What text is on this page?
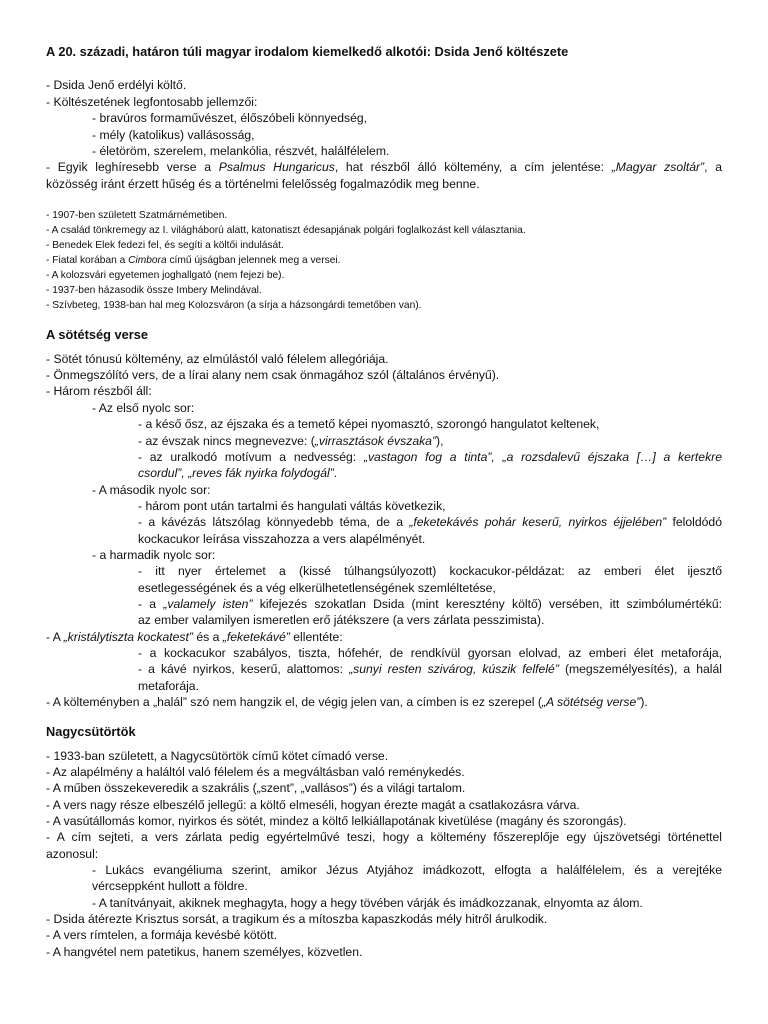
A 20. századi, határon túli magyar irodalom kiemelkedő alkotói: Dsida Jenő költészete
- Dsida Jenő erdélyi költő.
- Költészetének legfontosabb jellemzői:
- bravúros formaművészet, élőszóbeli könnyedség,
- mély (katolikus) vallásosság,
- életöröm, szerelem, melankólia, részvét, halálfélelem.
- Egyik leghíresebb verse a Psalmus Hungaricus, hat részből álló költemény, a cím jelentése: „Magyar zsoltár”, a
közösség iránt érzett hűség és a történelmi felelősség fogalmazódik meg benne.
- 1907-ben született Szatmárnémetiben.
- A család tönkremegy az I. világháború alatt, katonatiszt édesapjának polgári foglalkozást kell választania.
- Benedek Elek fedezi fel, és segíti a költői indulását.
- Fiatal korában a Cimbora című újságban jelennek meg a versei.
- A kolozsvári egyetemen joghallgató (nem fejezi be).
- 1937-ben házasodik össze Imbery Melindával.
- Szívbeteg, 1938-ban hal meg Kolozsváron (a sírja a házsongárdi temetőben van).
A sötétség verse
- Sötét tónusú költemény, az elmúlástól való félelem allegóriája.
- Önmegszólító vers, de a lírai alany nem csak önmagához szól (általános érvényű).
- Három részből áll:
- Az első nyolc sor:
- a késő ősz, az éjszaka és a temető képei nyomasztó, szorongó hangulatot keltenek,
- az évszak nincs megnevezve: („virrasztások évszaka”),
- az uralkodó motívum a nedvesség: „vastagon fog a tinta”, „a rozsdalevű éjszaka […] a kertekre
csordul”, „reves fák nyirka folydogál”.
- A második nyolc sor:
- három pont után tartalmi és hangulati váltás következik,
- a kávézás látszólag könnyedebb téma, de a „feketekávés pohár keserű, nyirkos éjjelében” feloldódó
kockacukor leírása visszahozza a vers alapélményét.
- a harmadik nyolc sor:
- itt nyer értelemet a (kissé túlhangsúlyozott) kockacukor-példázat: az emberi élet ijesztő
esetlegességének és a vég elkerülhetetlenségének szemléltetése,
- a „valamely isten” kifejezés szokatlan Dsida (mint keresztény költő) versében, itt szimbólumértékű:
az ember valamilyen ismeretlen erő játékszere (a vers zárlata pesszimista).
- A „kristálytiszta kockatest” és a „feketekávé” ellentéte:
- a kockacukor szabályos, tiszta, hófehér, de rendkívül gyorsan elolvad, az emberi élet metaforája,
- a kávé nyirkos, keserű, alattomos: „sunyi resten szivárog, kúszik felfelé” (megszemélyesítés), a halál
metaforája.
- A költeményben a „halál” szó nem hangzik el, de végig jelen van, a címben is ez szerepel („A sötétség verse”).
Nagycsütörtök
- 1933-ban született, a Nagycsütörtök című kötet címadó verse.
- Az alapélmény a haláltól való félelem és a megváltásban való reménykedés.
- A műben összekeveredik a szakrális („szent”, „vallásos”) és a világi tartalom.
- A vers nagy része elbeszélő jellegű: a költő elmeséli, hogyan érezte magát a csatlakozásra várva.
- A vasútállomás komor, nyirkos és sötét, mindez a költő lelkiállapotának kivetülése (magány és szorongás).
- A cím sejteti, a vers zárlata pedig egyértelművé teszi, hogy a költemény főszereplője egy újszövetségi történettel
azonosul:
- Lukács evangéliuma szerint, amikor Jézus Atyjához imádkozott, elfogta a halálfélelem, és a verejtéke
vércseppként hullott a földre.
- A tanítványait, akiknek meghagyta, hogy a hegy tövében várják és imádkozzanak, elnyomta az álom.
- Dsida átérezte Krisztus sorsát, a tragikum és a mítoszba kapaszkodás mély hitről árulkodik.
- A vers rímtelen, a formája kevésbé kötött.
- A hangvétel nem patetikus, hanem személyes, közvetlen.
